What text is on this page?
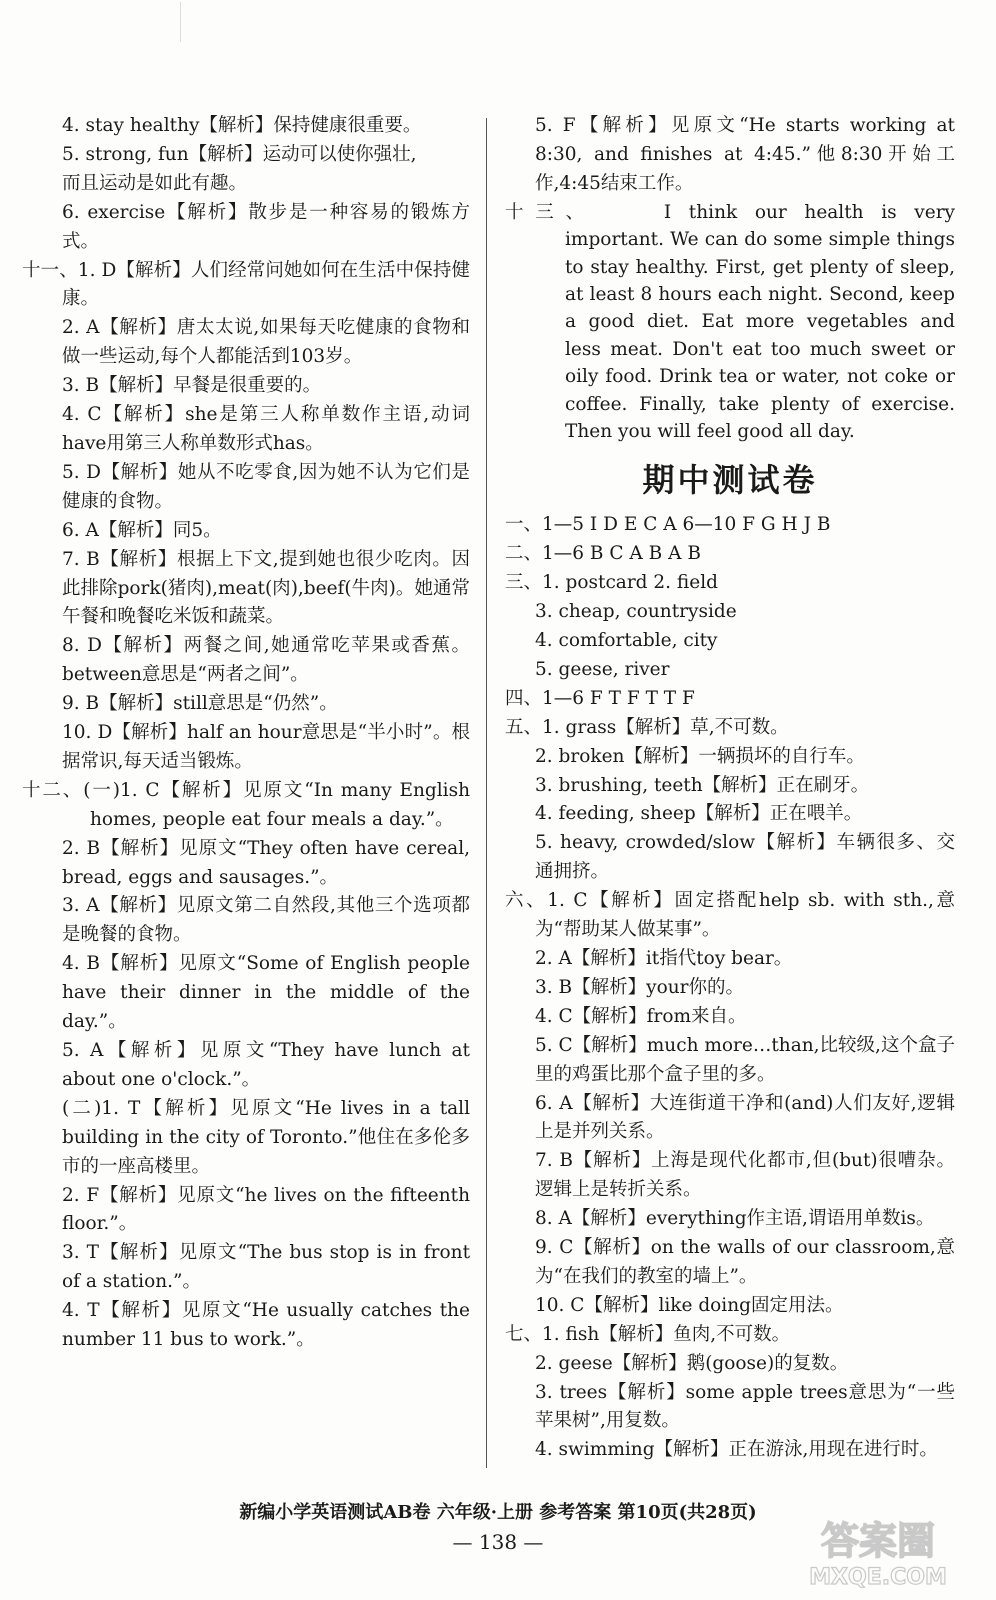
4. stay healthy【解析】保持健康很重要。

5. strong, fun【解析】运动可以使你强壮,

而且运动是如此有趣。

6. exercise【解析】散步是一种容易的锻炼方式。

十一、1. D【解析】人们经常问她如何在生活中保持健康。

2. A【解析】唐太太说,如果每天吃健康的食物和做一些运动,每个人都能活到103岁。

3. B【解析】早餐是很重要的。

4. C【解析】she是第三人称单数作主语,动词have用第三人称单数形式has。

5. D【解析】她从不吃零食,因为她不认为它们是健康的食物。

6. A【解析】同5。

7. B【解析】根据上下文,提到她也很少吃肉。因此排除pork(猪肉),meat(肉),beef(牛肉)。她通常午餐和晚餐吃米饭和蔬菜。

8. D【解析】两餐之间,她通常吃苹果或香蕉。between意思是“两者之间”。

9. B【解析】still意思是“仍然”。

10. D【解析】half an hour意思是“半小时”。根据常识,每天适当锻炼。

十二、(一)1. C【解析】见原文“In many English homes, people eat four meals a day.”。

2. B【解析】见原文“They often have cereal, bread, eggs and sausages.”。

3. A【解析】见原文第二自然段,其他三个选项都是晚餐的食物。

4. B【解析】见原文“Some of English people have their dinner in the middle of the day.”。

5. A【解析】见原文“They have lunch at about one o'clock.”。

(二)1. T【解析】见原文“He lives in a tall building in the city of Toronto.”他住在多伦多市的一座高楼里。

2. F【解析】见原文“he lives on the fifteenth floor.”。

3. T【解析】见原文“The bus stop is in front of a station.”。

4. T【解析】见原文“He usually catches the number 11 bus to work.”。

5. F【解析】见原文“He starts working at 8:30, and finishes at 4:45.”他8:30开始工作,4:45结束工作。

十三、	I think our health is very important. We can do some simple things to stay healthy. First, get plenty of sleep, at least 8 hours each night. Second, keep a good diet. Eat more vegetables and less meat. Don't eat too much sweet or oily food. Drink tea or water, not coke or coffee. Finally, take plenty of exercise. Then you will feel good all day.

期中测试卷

一、1—5 I D E C A 6—10 F G H J B

二、1—6 B C A B A B

三、1. postcard 2. field

3. cheap, countryside

4. comfortable, city

5. geese, river

四、1—6 F T F T T F

五、1. grass【解析】草,不可数。

2. broken【解析】一辆损坏的自行车。

3. brushing, teeth【解析】正在刷牙。

4. feeding, sheep【解析】正在喂羊。

5. heavy, crowded/slow【解析】车辆很多、交通拥挤。

六、1. C【解析】固定搭配help sb. with sth.,意为“帮助某人做某事”。

2. A【解析】it指代toy bear。

3. B【解析】your你的。

4. C【解析】from来自。

5. C【解析】much more…than,比较级,这个盒子里的鸡蛋比那个盒子里的多。

6. A【解析】大连街道干净和(and)人们友好,逻辑上是并列关系。

7. B【解析】上海是现代化都市,但(but)很嘈杂。逻辑上是转折关系。

8. A【解析】everything作主语,谓语用单数is。

9. C【解析】on the walls of our classroom,意为“在我们的教室的墙上”。

10. C【解析】like doing固定用法。

七、1. fish【解析】鱼肉,不可数。

2. geese【解析】鹅(goose)的复数。

3. trees【解析】some apple trees意思为“一些苹果树”,用复数。

4. swimming【解析】正在游泳,用现在进行时。

新编小学英语测试AB卷 六年级·上册 参考答案 第10页(共28页)
— 138 —	答案圈
MXQE.COM
